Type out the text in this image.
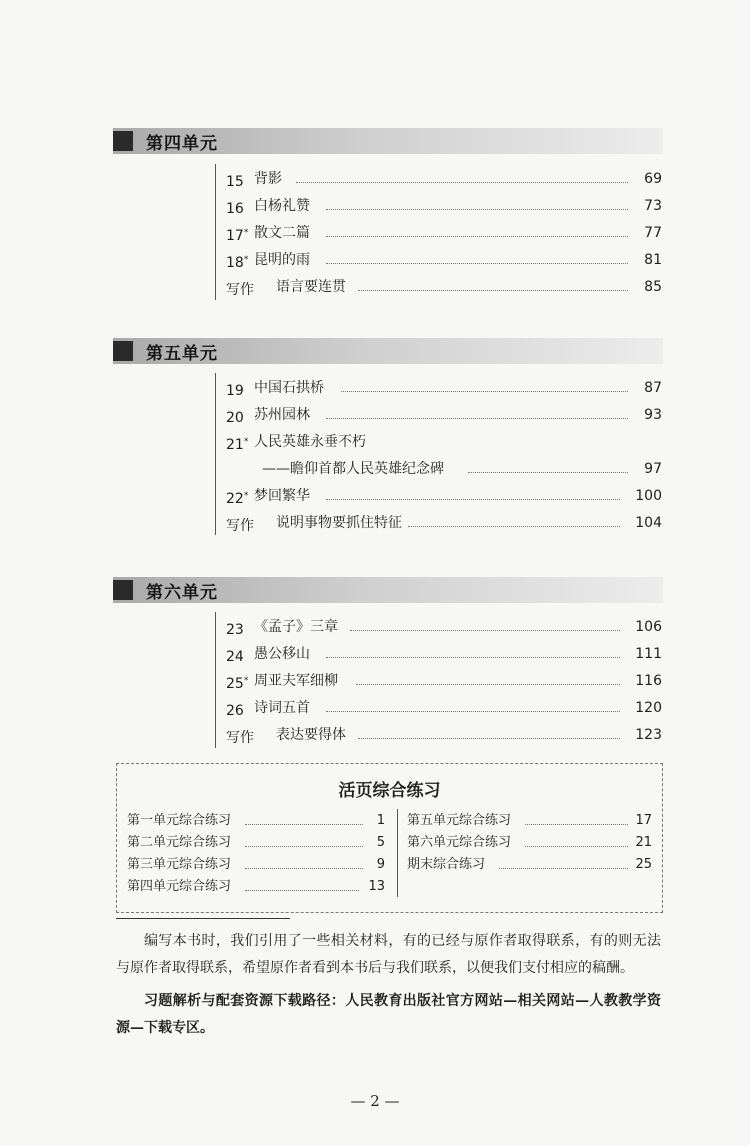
第四单元
15 背影	69
16 白杨礼赞	73
17* 散文二篇	77
18* 昆明的雨	81
写作 语言要连贯	85
第五单元
19 中国石拱桥	87
20 苏州园林	93
21* 人民英雄永垂不朽
——瞻仰首都人民英雄纪念碑	97
22* 梦回繁华	100
写作 说明事物要抓住特征	104
第六单元
23 《孟子》三章	106
24 愚公移山	111
25* 周亚夫军细柳	116
26 诗词五首	120
写作 表达要得体	123
活页综合练习
第一单元综合练习	1
第二单元综合练习	5
第三单元综合练习	9
第四单元综合练习	13
第五单元综合练习	17
第六单元综合练习	21
期末综合练习	25
编写本书时，我们引用了一些相关材料，有的已经与原作者取得联系，有的则无法与原作者取得联系，希望原作者看到本书后与我们联系，以便我们支付相应的稿酬。
习题解析与配套资源下载路径：人民教育出版社官方网站—相关网站—人教教学资源—下载专区。
— 2 —
